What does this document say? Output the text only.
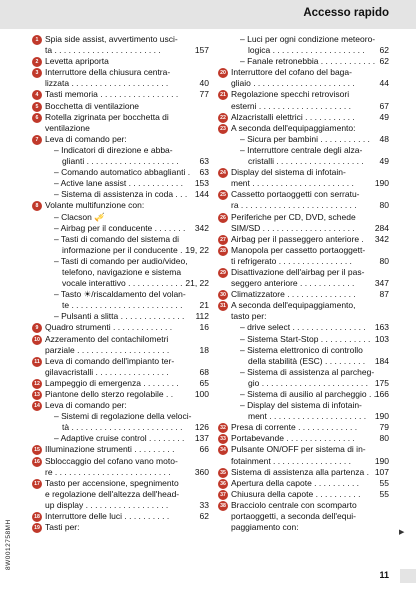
Accesso rapido
8W0012758MH
1 Spia side assist, avvertimento usci-
ta . . . . . . . . . . . . . . . . . . . . . . .	157
2 Levetta apriporta
3 Interruttore della chiusura centra-
lizzata . . . . . . . . . . . . . . . . . . . . .	40
4 Tasti memoria . . . . . . . . . . . . . . . . .	77
5 Bocchetta di ventilazione
6 Rotella zigrinata per bocchetta di
ventilazione
7 Leva di comando per:
– Indicatori di direzione e abba-
glianti . . . . . . . . . . . . . . . . . . . . 63
– Comando automatico abbaglianti . 63
– Active lane assist . . . . . . . . . . . . 153
– Sistema di assistenza in coda . . . 144
8 Volante multifunzione con:
– Clacson 🎺
– Airbag per il conducente . . . . . . . 342
– Tasti di comando del sistema di
informazione per il conducente . .
19, 22
– Tasti di comando per audio/video,
telefono, navigazione e sistema
vocale interattivo . . . . . . . . . . . . 21, 22
– Tasto ☀/riscaldamento del volan-
te . . . . . . . . . . . . . . . . . . . . . . . . 21
– Pulsanti a slitta . . . . . . . . . . . . . . 112
9 Quadro strumenti . . . . . . . . . . . . .	16
10 Azzeramento del contachilometri
parziale . . . . . . . . . . . . . . . . . . . .	18
11 Leva di comando dell'impianto ter-
gilavacristalli . . . . . . . . . . . . . . . .	68
12 Lampeggio di emergenza . . . . . . . . 65
13 Piantone dello sterzo regolabile . .	100
14 Leva di comando per:
– Sistemi di regolazione della veloci-
tà . . . . . . . . . . . . . . . . . . . . . . . . 126
– Adaptive cruise control . . . . . . . . 137
15 Illuminazione strumenti . . . . . . . . .	66
16 Sbloccaggio del cofano vano moto-
re . . . . . . . . . . . . . . . . . . . . . . . . .	360
17 Tasto per accensione, spegnimento
e regolazione dell'altezza dell'head-
up display . . . . . . . . . . . . . . . . . .	33
18 Interruttore delle luci . . . . . . . . . .	62
19 Tasti per:
– Luci per ogni condizione meteoro-
logica . . . . . . . . . . . . . . . . . . . . 62
– Fanale retronebbia . . . . . . . . . . . . 62
20 Interruttore del cofano del baga-
gliaio . . . . . . . . . . . . . . . . . . . . . .	44
21 Regolazione specchi retrovisori
esterni . . . . . . . . . . . . . . . . . . . .	67
22 Alzacristalli elettrici . . . . . . . . . . .	49
23 A seconda dell'equipaggiamento:
– Sicura per bambini . . . . . . . . . . . 48
– Interruttore centrale degli alza-
cristalli . . . . . . . . . . . . . . . . . . . 49
24 Display del sistema di infotain-
ment . . . . . . . . . . . . . . . . . . . . . . 190
25 Cassetto portaoggetti con serratu-
ra . . . . . . . . . . . . . . . . . . . . . . . . .	80
26 Periferiche per CD, DVD, schede
SIM/SD . . . . . . . . . . . . . . . . . . . . 284
27 Airbag per il passeggero anteriore . 342
28 Manopola per cassetto portaoggett-
ti refrigerato . . . . . . . . . . . . . . . .	80
29 Disattivazione dell'airbag per il pas-
seggero anteriore . . . . . . . . . . . . 347
30 Climatizzatore . . . . . . . . . . . . . . .	87
31 A seconda dell'equipaggiamento,
tasto per:
– drive select . . . . . . . . . . . . . . . . 163
– Sistema Start-Stop . . . . . . . . . . . 103
– Sistema elettronico di controllo
della stabilità (ESC) . . . . . . . . . 184
– Sistema di assistenza al parcheg-
gio . . . . . . . . . . . . . . . . . . . . . . . 175
– Sistema di ausilio al parcheggio . .
166
– Display del sistema di infotain-
ment . . . . . . . . . . . . . . . . . . . . . 190
32 Presa di corrente . . . . . . . . . . . . .	79
33 Portabevande . . . . . . . . . . . . . . .	80
34 Pulsante ON/OFF per sistema di in-
fotainment . . . . . . . . . . . . . . . . .	190
35 Sistema di assistenza alla partenza . 107
36 Apertura della capote . . . . . . . . . . 55
37 Chiusura della capote . . . . . . . . . . 55
38 Bracciolo centrale con scomparto
portaoggetti, a seconda dell'equi-
paggiamento con:
▶
11
